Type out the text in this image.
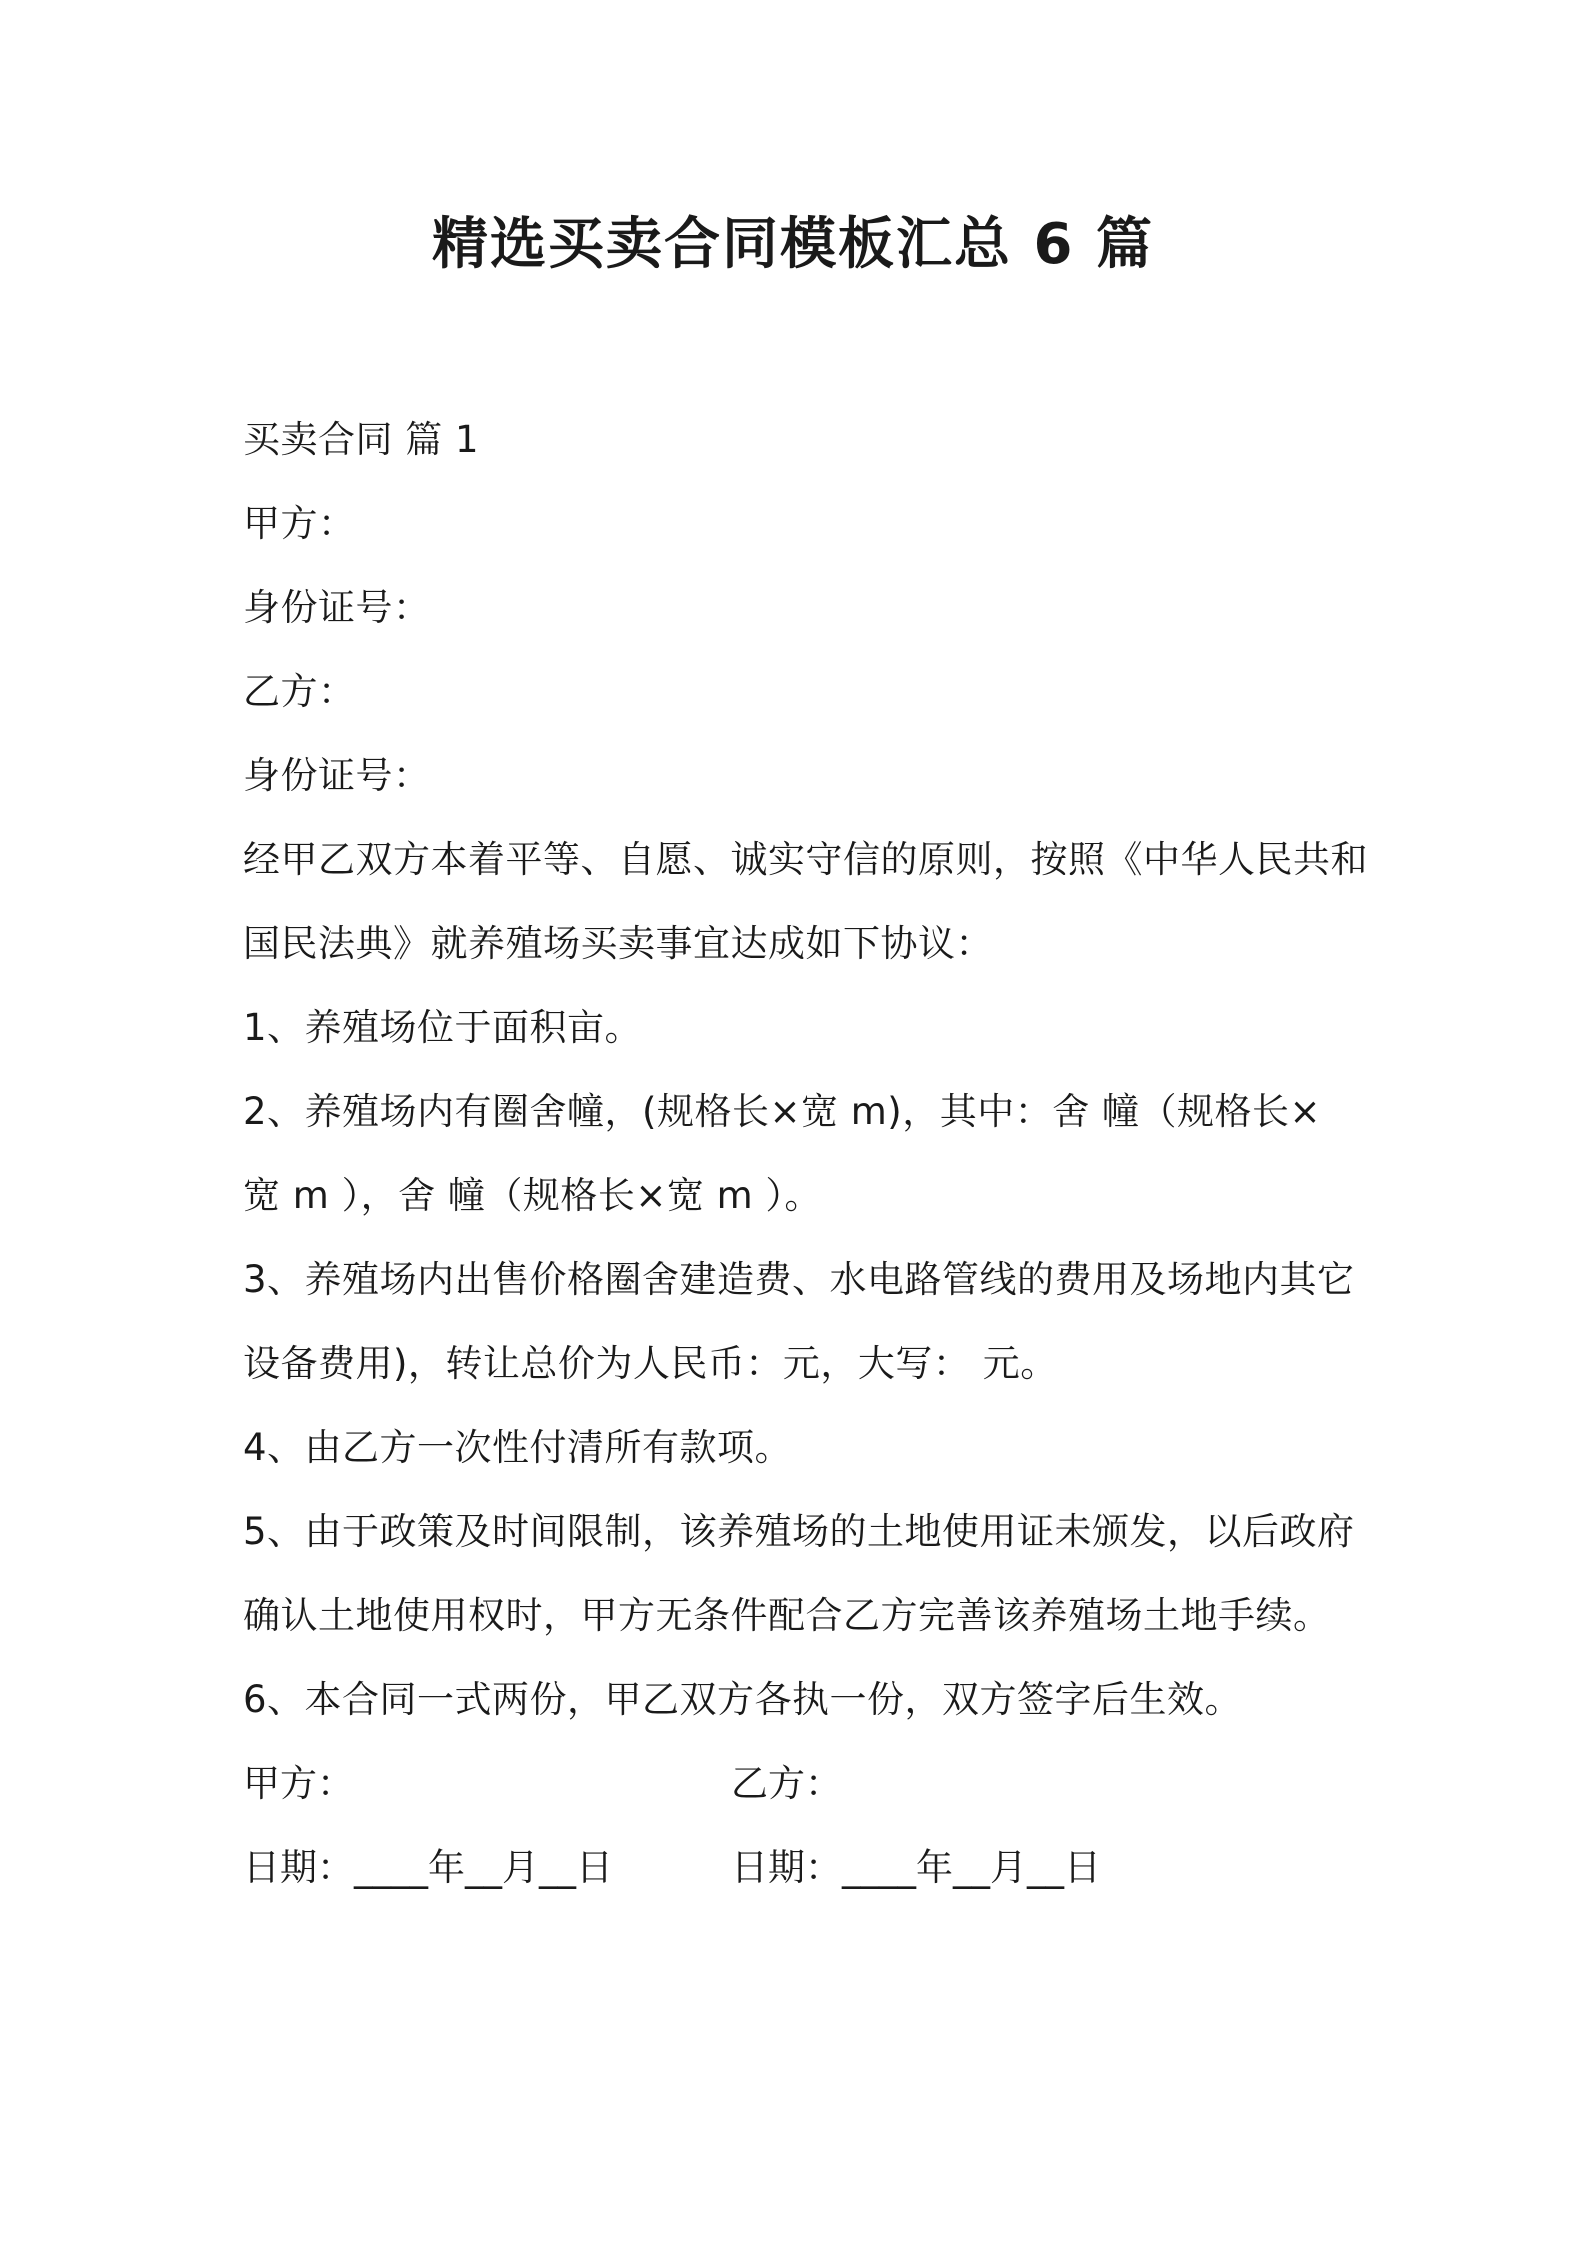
精选买卖合同模板汇总 6 篇
买卖合同 篇 1
甲方：
身份证号：
乙方：
身份证号：
经甲乙双方本着平等、自愿、诚实守信的原则，按照《中华人民共和
国民法典》就养殖场买卖事宜达成如下协议：
1、养殖场位于面积亩。
2、养殖场内有圈舍幢，(规格长×宽 m)，其中：舍 幢（规格长×
宽 m ），舍 幢（规格长×宽 m ）。
3、养殖场内出售价格圈舍建造费、水电路管线的费用及场地内其它
设备费用)，转让总价为人民币：元，大写： 元。
4、由乙方一次性付清所有款项。
5、由于政策及时间限制，该养殖场的土地使用证未颁发，以后政府
确认土地使用权时，甲方无条件配合乙方完善该养殖场土地手续。
6、本合同一式两份，甲乙双方各执一份，双方签字后生效。
甲方：	乙方：
日期：____年__月__日	日期：____年__月__日
